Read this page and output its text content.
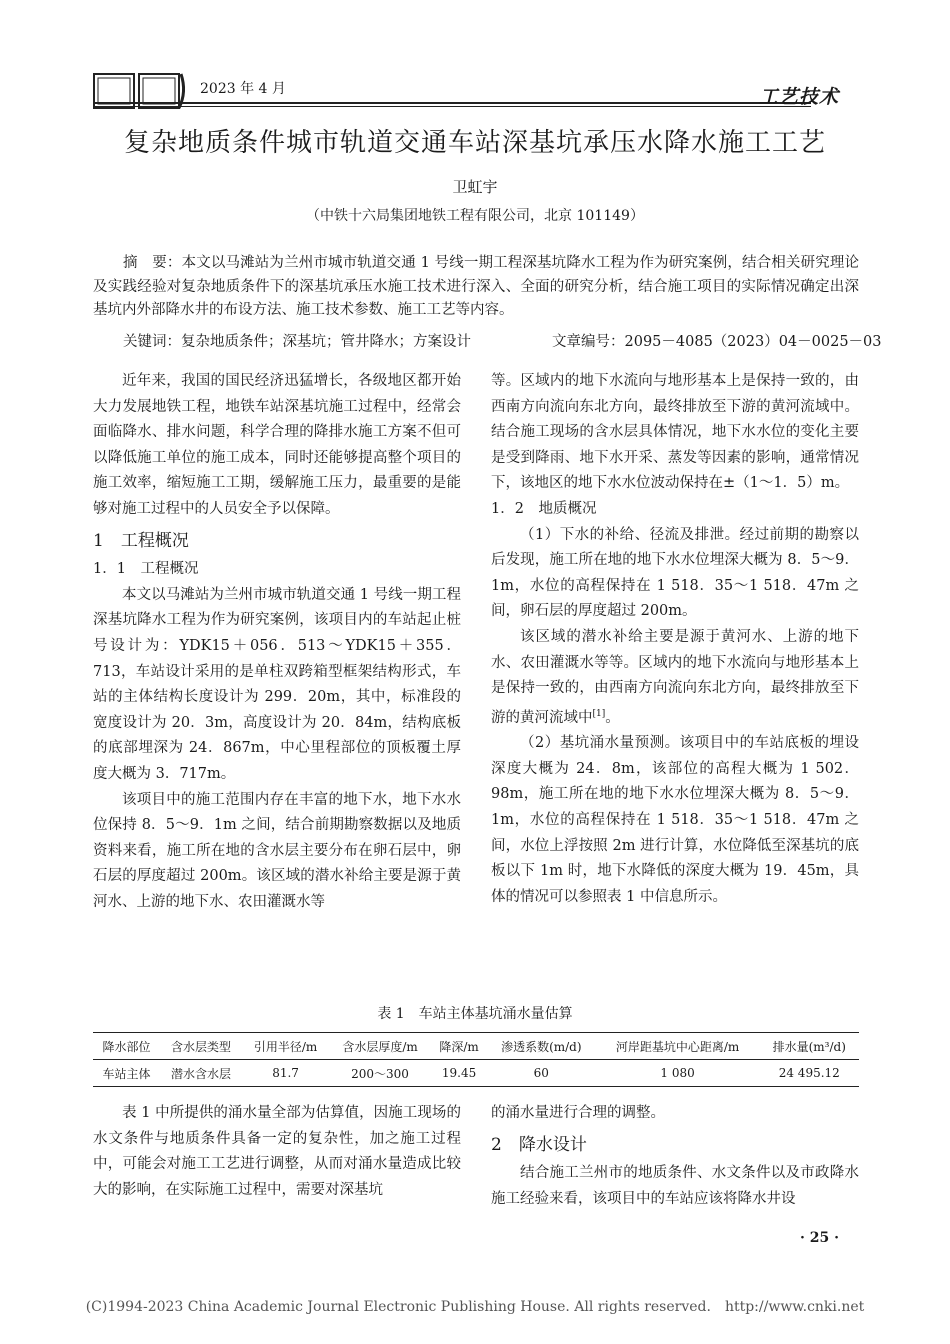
2023 年 4 月	工艺技术
复杂地质条件城市轨道交通车站深基坑承压水降水施工工艺
卫虹宇
（中铁十六局集团地铁工程有限公司，北京 101149）
摘　要：本文以马滩站为兰州市城市轨道交通 1 号线一期工程深基坑降水工程为作为研究案例，结合相关研究理论及实践经验对复杂地质条件下的深基坑承压水施工技术进行深入、全面的研究分析，结合施工项目的实际情况确定出深基坑内外部降水井的布设方法、施工技术参数、施工工艺等内容。
关键词：复杂地质条件；深基坑；管井降水；方案设计	文章编号：2095－4085（2023）04－0025－03

近年来，我国的国民经济迅猛增长，各级地区都开始大力发展地铁工程，地铁车站深基坑施工过程中，经常会面临降水、排水问题，科学合理的降排水施工方案不但可以降低施工单位的施工成本，同时还能够提高整个项目的施工效率，缩短施工工期，缓解施工压力，最重要的是能够对施工过程中的人员安全予以保障。

1　工程概况

1．1　工程概况

本文以马滩站为兰州市城市轨道交通 1 号线一期工程深基坑降水工程为作为研究案例，该项目内的车站起止桩号设计为：YDK15＋056．513～YDK15＋355．713，车站设计采用的是单柱双跨箱型框架结构形式，车站的主体结构长度设计为 299．20m，其中，标准段的宽度设计为 20．3m，高度设计为 20．84m，结构底板的底部埋深为 24．867m，中心里程部位的顶板覆土厚度大概为 3．717m。

该项目中的施工范围内存在丰富的地下水，地下水水位保持 8．5～9．1m 之间，结合前期勘察数据以及地质资料来看，施工所在地的含水层主要分布在卵石层中，卵石层的厚度超过 200m。该区域的潜水补给主要是源于黄河水、上游的地下水、农田灌溉水等

等。区域内的地下水流向与地形基本上是保持一致的，由西南方向流向东北方向，最终排放至下游的黄河流域中。结合施工现场的含水层具体情况，地下水水位的变化主要是受到降雨、地下水开采、蒸发等因素的影响，通常情况下，该地区的地下水水位波动保持在±（1～1．5）m。

1．2　地质概况

（1）下水的补给、径流及排泄。经过前期的勘察以后发现，施工所在地的地下水水位埋深大概为 8．5～9．1m，水位的高程保持在 1 518．35～1 518．47m 之间，卵石层的厚度超过 200m。

该区域的潜水补给主要是源于黄河水、上游的地下水、农田灌溉水等等。区域内的地下水流向与地形基本上是保持一致的，由西南方向流向东北方向，最终排放至下游的黄河流域中[1]。

（2）基坑涌水量预测。该项目中的车站底板的埋设深度大概为 24．8m，该部位的高程大概为 1 502．98m，施工所在地的地下水水位埋深大概为 8．5～9．1m，水位的高程保持在 1 518．35～1 518．47m 之间，水位上浮按照 2m 进行计算，水位降低至深基坑的底板以下 1m 时，地下水降低的深度大概为 19．45m，具体的情况可以参照表 1 中信息所示。

表 1　车站主体基坑涌水量估算
降水部位	含水层类型	引用半径/m	含水层厚度/m	降深/m	渗透系数(m/d)	河岸距基坑中心距离/m	排水量(m³/d)
车站主体	潜水含水层	81.7	200～300	19.45	60	1 080	24 495.12

表 1 中所提供的涌水量全部为估算值，因施工现场的水文条件与地质条件具备一定的复杂性，加之施工过程中，可能会对施工工艺进行调整，从而对涌水量造成比较大的影响，在实际施工过程中，需要对深基坑

的涌水量进行合理的调整。

2　降水设计

结合施工兰州市的地质条件、水文条件以及市政降水施工经验来看，该项目中的车站应该将降水井设

· 25 ·
(C)1994-2023 China Academic Journal Electronic Publishing House. All rights reserved.　http://www.cnki.net
